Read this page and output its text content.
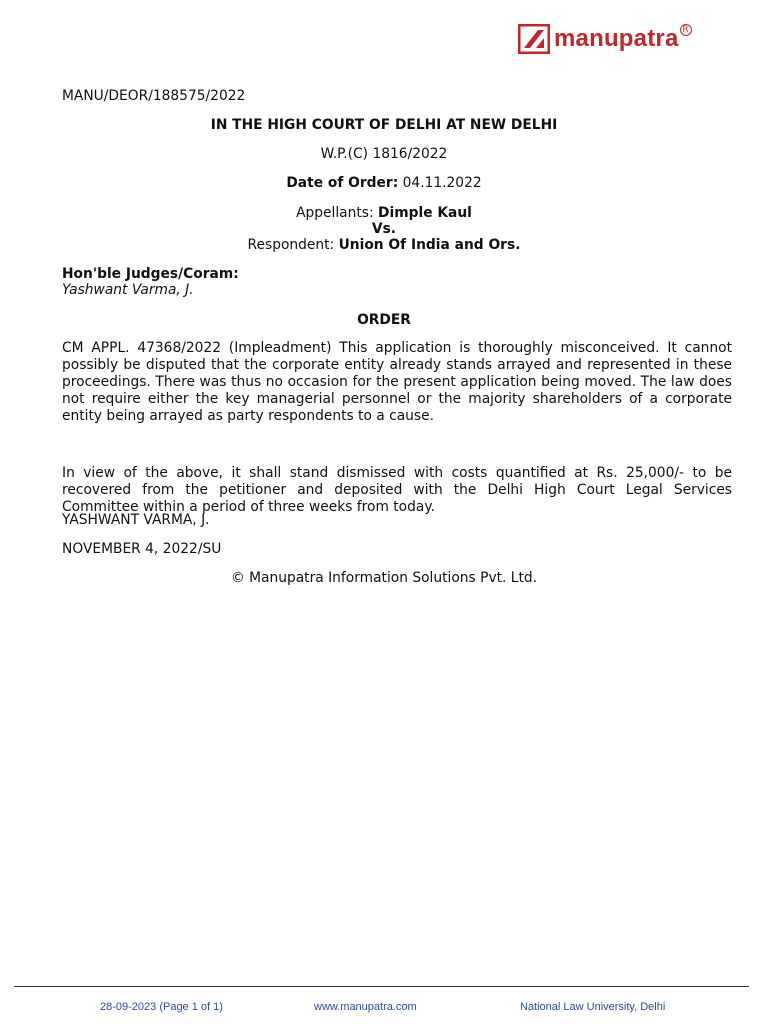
manupatra R
MANU/DEOR/188575/2022
IN THE HIGH COURT OF DELHI AT NEW DELHI
W.P.(C) 1816/2022
Date of Order: 04.11.2022
Appellants: Dimple Kaul
Vs.
Respondent: Union Of India and Ors.
Hon'ble Judges/Coram:
Yashwant Varma, J.
ORDER
CM APPL. 47368/2022 (Impleadment) This application is thoroughly misconceived. It cannot possibly be disputed that the corporate entity already stands arrayed and represented in these proceedings. There was thus no occasion for the present application being moved. The law does not require either the key managerial personnel or the majority shareholders of a corporate entity being arrayed as party respondents to a cause.
In view of the above, it shall stand dismissed with costs quantified at Rs. 25,000/- to be recovered from the petitioner and deposited with the Delhi High Court Legal Services Committee within a period of three weeks from today.
YASHWANT VARMA, J.
NOVEMBER 4, 2022/SU
© Manupatra Information Solutions Pvt. Ltd.
28-09-2023 (Page 1 of 1)	www.manupatra.com	National Law University, Delhi
